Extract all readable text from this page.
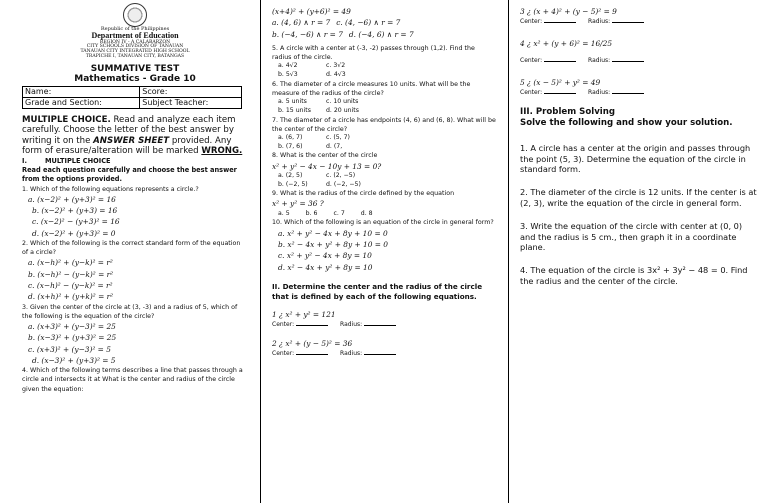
Republic of the Philippines
Department of Education
REGION IV - A CALABARZON
CITY SCHOOLS DIVISION OF TANAUAN
TANAUAN CITY INTEGRATED HIGH SCHOOL
TRAPICHE I, TANAUAN CITY, BATANGAS
SUMMATIVE TEST
Mathematics - Grade 10
Name:	Score:
Grade and Section:	Subject Teacher:
MULTIPLE CHOICE. Read and analyze each item carefully. Choose the letter of the best answer by writing it on the ANSWER SHEET provided. Any form of erasure/alteration will be marked WRONG.
I.	MULTIPLE CHOICE
Read each question carefully and choose the best answer from the options provided.
1. Which of the following equations represents a circle.?
a. (x−2)² + (y+3)² = 16
b. (x−2)² + (y+3) = 16
c. (x−2)² − (y+3)² = 16
d. (x−2)² + (y+3)² = 0
2. Which of the following is the correct standard form of the equation of a circle?
a. (x−h)² + (y−k)² = r²
b. (x−h)² − (y−k)² = r²
c. (x−h)² − (y−k)² = r²
d. (x+h)² + (y+k)² = r²
3. Given the center of the circle at (3, -3) and a radius of 5, which of the following is the equation of the circle?
a. (x+3)² + (y−3)² = 25
b. (x−3)² + (y+3)² = 25
c. (x+3)² + (y−3)² = 5
d. (x−3)² + (y+3)² = 5
4. Which of the following terms describes a line that passes through a circle and intersects it at What is the center and radius of the circle given the equation:
(x+4)² + (y+6)² = 49
a. (4, 6) ∧ r = 7 c. (4, −6) ∧ r = 7
b. (−4, −6) ∧ r = 7 d. (−4, 6) ∧ r = 7
5. A circle with a center at (-3, -2) passes through (1,2). Find the radius of the circle.
a. 4√2	c. 3√2
b. 5√3	d. 4√3
6. The diameter of a circle measures 10 units. What will be the measure of the radius of the circle?
a. 5 units	c. 10 units
b. 15 units	d. 20 units
7. The diameter of a circle has endpoints (4, 6) and (6, 8). What will be the center of the circle?
a. (6, 7)	c. (5, 7)
b. (7, 6)	d. (7,
8. What is the center of the circle
x² + y² − 4x − 10y + 13 = 0?
a. (2, 5)	c. (2, −5)
b. (−2, 5)	d. (−2, −5)
9. What is the radius of the circle defined by the equation
x² + y² = 36 ?
a. 5	b. 6	c. 7	d. 8
10. Which of the following is an equation of the circle in general form?
a. x² + y² − 4x + 8y + 10 = 0
b. x² − 4x + y² + 8y + 10 = 0
c. x² + y² − 4x + 8y = 10
d. x² − 4x + y² + 8y = 10
II. Determine the center and the radius of the circle that is defined by each of the following equations.
1 ¿ x² + y² = 121
Center:	Radius:
2 ¿ x² + (y − 5)² = 36
Center:	Radius:
3 ¿ (x + 4)² + (y − 5)² = 9
Center:	Radius:
4 ¿ x² + (y + 6)² = 16/25
Center:	Radius:
5 ¿ (x − 5)² + y² = 49
Center:	Radius:
III. Problem Solving
Solve the following and show your solution.
1. A circle has a center at the origin and passes through the point (5, 3). Determine the equation of the circle in standard form.
2. The diameter of the circle is 12 units. If the center is at (2, 3), write the equation of the circle in general form.
3. Write the equation of the circle with center at (0, 0) and the radius is 5 cm., then graph it in a coordinate plane.
4. The equation of the circle is 3x² + 3y² − 48 = 0. Find the radius and the center of the circle.
